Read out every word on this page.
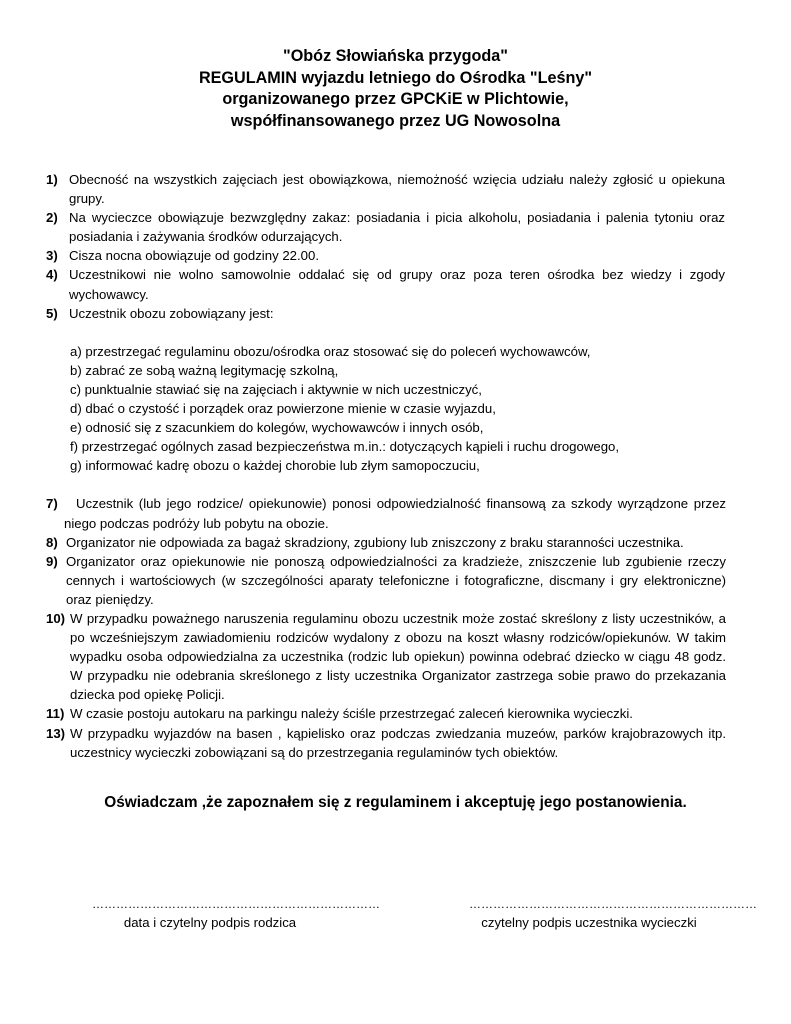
"Obóz Słowiańska przygoda"
REGULAMIN wyjazdu letniego do Ośrodka "Leśny"
organizowanego przez GPCKiE w Plichtowie,
współfinansowanego przez UG Nowosolna
1) Obecność na wszystkich zajęciach jest obowiązkowa, niemożność wzięcia udziału należy zgłosić u opiekuna grupy.
2) Na wycieczce obowiązuje bezwzględny zakaz: posiadania i picia alkoholu, posiadania i palenia tytoniu oraz posiadania i zażywania środków odurzających.
3) Cisza nocna obowiązuje od godziny 22.00.
4) Uczestnikowi nie wolno samowolnie oddalać się od grupy oraz poza teren ośrodka bez wiedzy i zgody wychowawcy.
5) Uczestnik obozu zobowiązany jest:
a) przestrzegać regulaminu obozu/ośrodka oraz stosować się do poleceń wychowawców,
b) zabrać ze sobą ważną legitymację szkolną,
c) punktualnie stawiać się na zajęciach i aktywnie w nich uczestniczyć,
d) dbać o czystość i porządek oraz powierzone mienie w czasie wyjazdu,
e) odnosić się z szacunkiem do kolegów, wychowawców i innych osób,
f) przestrzegać ogólnych zasad bezpieczeństwa m.in.: dotyczących kąpieli i ruchu drogowego,
g) informować kadrę obozu o każdej chorobie lub złym samopoczuciu,
7)	Uczestnik (lub jego rodzice/ opiekunowie) ponosi odpowiedzialność finansową za szkody wyrządzone przez niego podczas podróży lub pobytu na obozie.
8) Organizator nie odpowiada za bagaż skradziony, zgubiony lub zniszczony z braku staranności uczestnika.
9) Organizator oraz opiekunowie nie ponoszą odpowiedzialności za kradzieże, zniszczenie lub zgubienie rzeczy cennych i wartościowych (w szczególności aparaty telefoniczne i fotograficzne, discmany i gry elektroniczne) oraz pieniędzy.
10) W przypadku poważnego naruszenia regulaminu obozu uczestnik może zostać skreślony z listy uczestników, a po wcześniejszym zawiadomieniu rodziców wydalony z obozu na koszt własny rodziców/opiekunów. W takim wypadku osoba odpowiedzialna za uczestnika (rodzic lub opiekun) powinna odebrać dziecko w ciągu 48 godz. W przypadku nie odebrania skreślonego z listy uczestnika Organizator zastrzega sobie prawo do przekazania dziecka pod opiekę Policji.
11) W czasie postoju autokaru na parkingu należy ściśle przestrzegać zaleceń kierownika wycieczki.
13) W przypadku wyjazdów na basen , kąpielisko oraz podczas zwiedzania muzeów, parków krajobrazowych itp. uczestnicy wycieczki zobowiązani są do przestrzegania regulaminów tych obiektów.
Oświadczam ,że zapoznałem się z regulaminem i akceptuję jego postanowienia.
………………………………………………………………
data i czytelny podpis rodzica
………………………………………………………………
czytelny podpis uczestnika wycieczki
